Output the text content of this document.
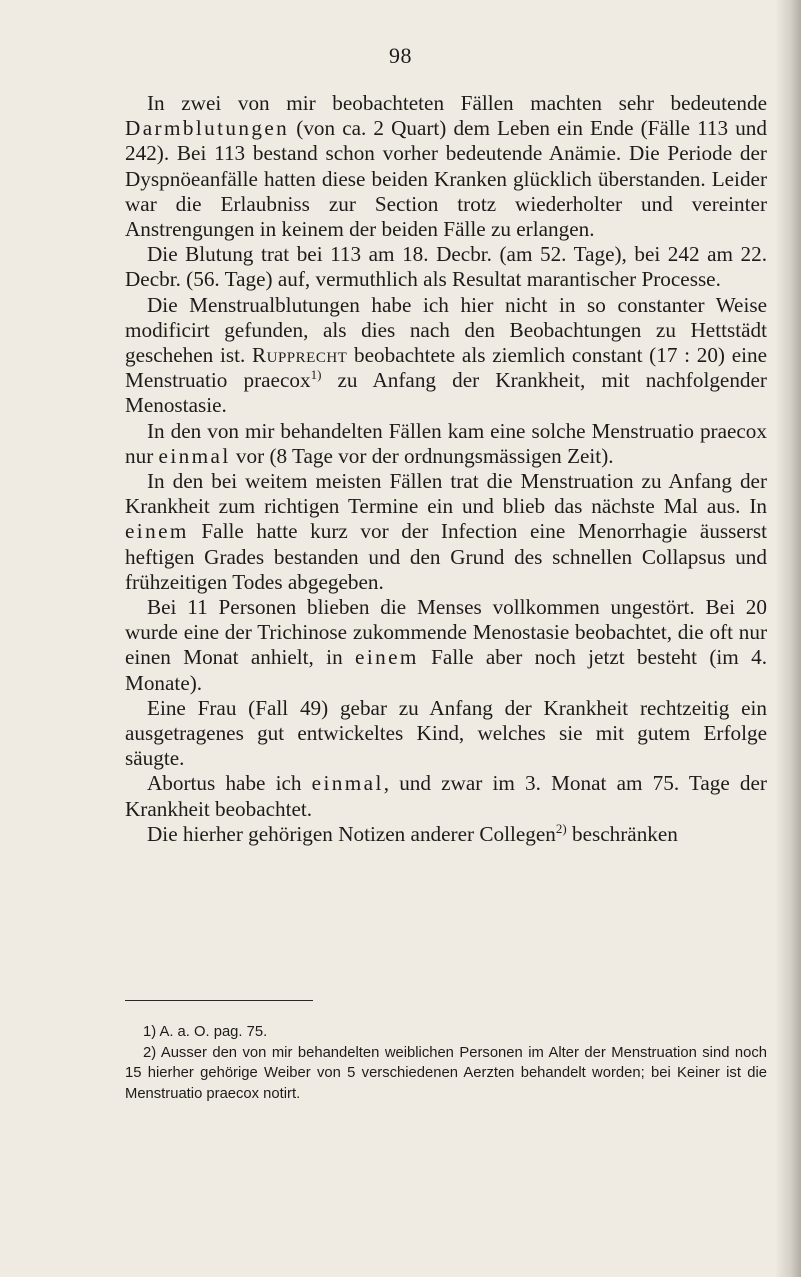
98

In zwei von mir beobachteten Fällen machten sehr bedeutende Darmblutungen (von ca. 2 Quart) dem Leben ein Ende (Fälle 113 und 242). Bei 113 bestand schon vorher bedeutende Anämie. Die Periode der Dyspnöeanfälle hatten diese beiden Kranken glücklich überstanden. Leider war die Erlaubniss zur Section trotz wiederholter und vereinter Anstrengungen in keinem der beiden Fälle zu erlangen.

Die Blutung trat bei 113 am 18. Decbr. (am 52. Tage), bei 242 am 22. Decbr. (56. Tage) auf, vermuthlich als Resultat marantischer Processe.

Die Menstrualblutungen habe ich hier nicht in so constanter Weise modificirt gefunden, als dies nach den Beobachtungen zu Hettstädt geschehen ist. Rupprecht beobachtete als ziemlich constant (17 : 20) eine Menstruatio praecox$^{1)}$ zu Anfang der Krankheit, mit nachfolgender Menostasie.

In den von mir behandelten Fällen kam eine solche Menstruatio praecox nur einmal vor (8 Tage vor der ordnungsmässigen Zeit).

In den bei weitem meisten Fällen trat die Menstruation zu Anfang der Krankheit zum richtigen Termine ein und blieb das nächste Mal aus. In einem Falle hatte kurz vor der Infection eine Menorrhagie äusserst heftigen Grades bestanden und den Grund des schnellen Collapsus und frühzeitigen Todes abgegeben.

Bei 11 Personen blieben die Menses vollkommen ungestört. Bei 20 wurde eine der Trichinose zukommende Menostasie beobachtet, die oft nur einen Monat anhielt, in einem Falle aber noch jetzt besteht (im 4. Monate).

Eine Frau (Fall 49) gebar zu Anfang der Krankheit rechtzeitig ein ausgetragenes gut entwickeltes Kind, welches sie mit gutem Erfolge säugte.

Abortus habe ich einmal, und zwar im 3. Monat am 75. Tage der Krankheit beobachtet.

Die hierher gehörigen Notizen anderer Collegen$^{2)}$ beschränken

1) A. a. O. pag. 75.

2) Ausser den von mir behandelten weiblichen Personen im Alter der Menstruation sind noch 15 hierher gehörige Weiber von 5 verschiedenen Aerzten behandelt worden; bei Keiner ist die Menstruatio praecox notirt.
